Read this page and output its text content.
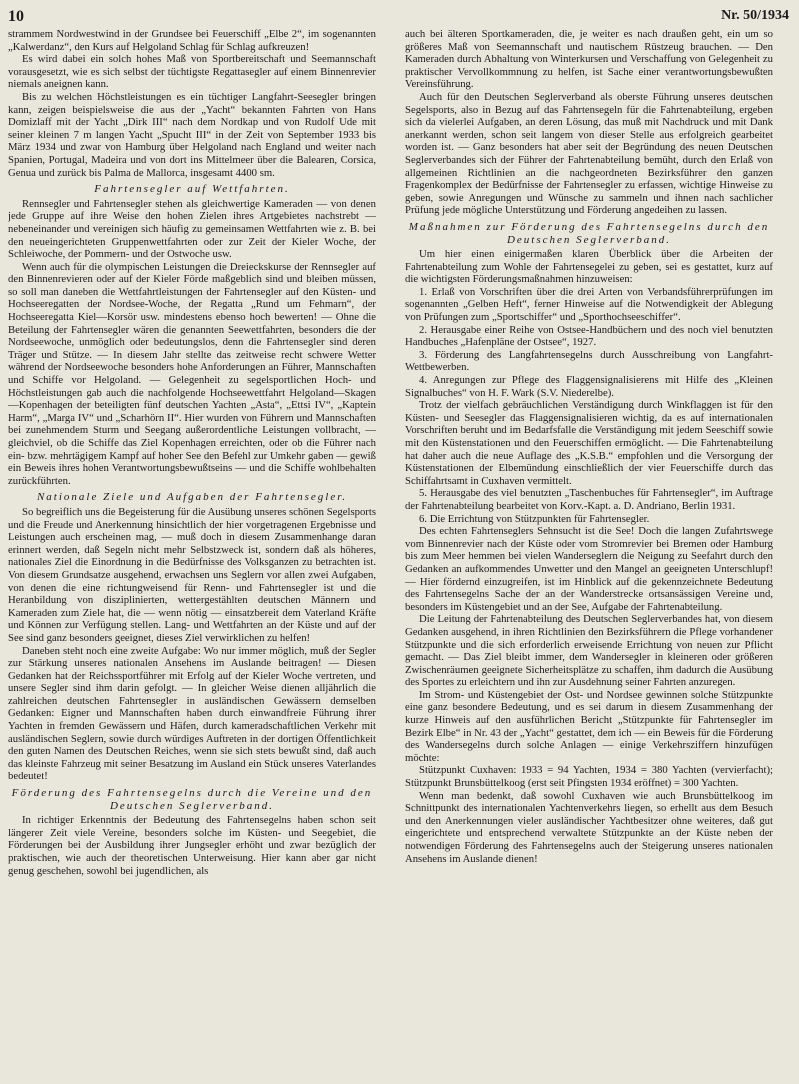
10	Nr. 50/1934

strammem Nordwestwind in der Grundsee bei Feuerschiff „Elbe 2“, im sogenannten „Kalwerdanz“, den Kurs auf Helgoland Schlag für Schlag aufkreuzen!

Es wird dabei ein solch hohes Maß von Sportbereitschaft und Seemannschaft vorausgesetzt, wie es sich selbst der tüchtigste Regattasegler auf einem Binnenrevier niemals aneignen kann.

Bis zu welchen Höchstleistungen es ein tüchtiger Langfahrt-Seesegler bringen kann, zeigen beispielsweise die aus der „Yacht“ bekannten Fahrten von Hans Domizlaff mit der Yacht „Dirk III“ nach dem Nordkap und von Rudolf Ude mit seiner kleinen 7 m langen Yacht „Spucht III“ in der Zeit von September 1933 bis März 1934 und zwar von Hamburg über Helgoland nach England und weiter nach Spanien, Portugal, Madeira und von dort ins Mittelmeer über die Balearen, Corsica, Genua und zurück bis Palma de Mallorca, insgesamt 4400 sm.

Fahrtensegler auf Wettfahrten.

Rennsegler und Fahrtensegler stehen als gleichwertige Kameraden — von denen jede Gruppe auf ihre Weise den hohen Zielen ihres Artgebietes nachstrebt — nebeneinander und vereinigen sich häufig zu gemeinsamen Wettfahrten wie z. B. bei den neueingerichteten Gruppenwettfahrten oder zur Zeit der Kieler Woche, der Schleiwoche, der Pommern- und der Ostwoche usw.

Wenn auch für die olympischen Leistungen die Dreieckskurse der Rennsegler auf den Binnenrevieren oder auf der Kieler Förde maßgeblich sind und bleiben müssen, so soll man daneben die Wettfahrtleistungen der Fahrtensegler auf den Küsten- und Hochseeregatten der Nordsee-Woche, der Regatta „Rund um Fehmarn“, der Hochseeregatta Kiel—Korsör usw. mindestens ebenso hoch bewerten! — Ohne die Beteilung der Fahrtensegler wären die genannten Seewettfahrten, besonders die der Nordseewoche, unmöglich oder bedeutungslos, denn die Fahrtensegler sind deren Träger und Stütze. — In diesem Jahr stellte das zeitweise recht schwere Wetter während der Nordseewoche besonders hohe Anforderungen an Führer, Mannschaften und Schiffe vor Helgoland. — Gelegenheit zu segelsportlichen Hoch- und Höchstleistungen gab auch die nachfolgende Hochseewettfahrt Helgoland—Skagen—Kopenhagen der beteiligten fünf deutschen Yachten „Asta“, „Ettsi IV“, „Kaptein Harm“, „Marga IV“ und „Scharhörn II“. Hier wurden von Führern und Mannschaften bei zunehmendem Sturm und Seegang außerordentliche Leistungen vollbracht, — gleichviel, ob die Schiffe das Ziel Kopenhagen erreichten, oder ob die Führer nach ein- bzw. mehrtägigem Kampf auf hoher See den Befehl zur Umkehr gaben — gewiß ein Beweis ihres hohen Verantwortungsbewußtseins — und die Schiffe wohlbehalten zurückführten.

Nationale Ziele und Aufgaben der Fahrtensegler.

So begreiflich uns die Begeisterung für die Ausübung unseres schönen Segelsports und die Freude und Anerkennung hinsichtlich der hier vorgetragenen Ergebnisse und Leistungen auch erscheinen mag, — muß doch in diesem Zusammenhange daran erinnert werden, daß Segeln nicht mehr Selbstzweck ist, sondern daß als höheres, nationales Ziel die Einordnung in die Bedürfnisse des Volksganzen zu betrachten ist. Von diesem Grundsatze ausgehend, erwachsen uns Seglern vor allen zwei Aufgaben, von denen die eine richtungweisend für Renn- und Fahrtensegler ist und die Heranbildung von disziplinierten, wettergestählten deutschen Männern und Kameraden zum Ziele hat, die — wenn nötig — einsatzbereit dem Vaterland Kräfte und Können zur Verfügung stellen. Lang- und Wettfahrten an der Küste und auf der See sind ganz besonders geeignet, dieses Ziel verwirklichen zu helfen!

Daneben steht noch eine zweite Aufgabe: Wo nur immer möglich, muß der Segler zur Stärkung unseres nationalen Ansehens im Auslande beitragen! — Diesen Gedanken hat der Reichssportführer mit Erfolg auf der Kieler Woche vertreten, und unsere Segler sind ihm darin gefolgt. — In gleicher Weise dienen alljährlich die zahlreichen deutschen Fahrtensegler in ausländischen Gewässern demselben Gedanken: Eigner und Mannschaften haben durch einwandfreie Führung ihrer Yachten in fremden Gewässern und Häfen, durch kameradschaftlichen Verkehr mit ausländischen Seglern, sowie durch würdiges Auftreten in der dortigen Öffentlichkeit den guten Namen des Deutschen Reiches, wenn sie sich stets bewußt sind, daß auch das kleinste Fahrzeug mit seiner Besatzung im Ausland ein Stück unseres Vaterlandes bedeutet!

Förderung des Fahrtensegelns durch die Vereine und den Deutschen Seglerverband.

In richtiger Erkenntnis der Bedeutung des Fahrtensegelns haben schon seit längerer Zeit viele Vereine, besonders solche im Küsten- und Seegebiet, die Förderungen bei der Ausbildung ihrer Jungsegler erhöht und zwar bezüglich der praktischen, wie auch der theoretischen Unterweisung. Hier kann aber gar nicht genug geschehen, sowohl bei jugendlichen, als

auch bei älteren Sportkameraden, die, je weiter es nach draußen geht, ein um so größeres Maß von Seemannschaft und nautischem Rüstzeug brauchen. — Den Kameraden durch Abhaltung von Winterkursen und Verschaffung von Gelegenheit zu praktischer Vervollkommnung zu helfen, ist Sache einer verantwortungsbewußten Vereinsführung.

Auch für den Deutschen Seglerverband als oberste Führung unseres deutschen Segelsports, also in Bezug auf das Fahrtensegeln für die Fahrtenabteilung, ergeben sich da vielerlei Aufgaben, an deren Lösung, das muß mit Nachdruck und mit Dank anerkannt werden, schon seit langem von dieser Stelle aus erfolgreich gearbeitet worden ist. — Ganz besonders hat aber seit der Begründung des neuen Deutschen Seglerverbandes sich der Führer der Fahrtenabteilung bemüht, durch den Erlaß von allgemeinen Richtlinien an die nachgeordneten Bezirksführer den ganzen Fragenkomplex der Bedürfnisse der Fahrtensegler zu erfassen, wichtige Hinweise zu geben, sowie Anregungen und Wünsche zu sammeln und ihnen nach sachlicher Prüfung jede mögliche Unterstützung und Förderung angedeihen zu lassen.

Maßnahmen zur Förderung des Fahrtensegelns durch den Deutschen Seglerverband.

Um hier einen einigermaßen klaren Überblick über die Arbeiten der Fahrtenabteilung zum Wohle der Fahrtensegelei zu geben, sei es gestattet, kurz auf die wichtigsten Förderungsmaßnahmen hinzuweisen:

1. Erlaß von Vorschriften über die drei Arten von Verbandsführerprüfungen im sogenannten „Gelben Heft“, ferner Hinweise auf die Notwendigkeit der Ablegung von Prüfungen zum „Sportschiffer“ und „Sporthochseeschiffer“.

2. Herausgabe einer Reihe von Ostsee-Handbüchern und des noch viel benutzten Handbuches „Hafenpläne der Ostsee“, 1927.

3. Förderung des Langfahrtensegelns durch Ausschreibung von Langfahrt-Wettbewerben.

4. Anregungen zur Pflege des Flaggensignalisierens mit Hilfe des „Kleinen Signalbuches“ von H. F. Wark (S.V. Niederelbe).

Trotz der vielfach gebräuchlichen Verständigung durch Winkflaggen ist für den Küsten- und Seesegler das Flaggensignalisieren wichtig, da es auf internationalen Vorschriften beruht und im Bedarfsfalle die Verständigung mit jedem Seeschiff sowie mit den Küstenstationen und den Feuerschiffen ermöglicht. — Die Fahrtenabteilung hat daher auch die neue Auflage des „K.S.B.“ empfohlen und die Versorgung der Küstenstationen der Elbemündung einschließlich der vier Feuerschiffe durch das Schiffahrtsamt in Cuxhaven vermittelt.

5. Herausgabe des viel benutzten „Taschenbuches für Fahrtensegler“, im Auftrage der Fahrtenabteilung bearbeitet von Korv.-Kapt. a. D. Andriano, Berlin 1931.

6. Die Errichtung von Stützpunkten für Fahrtensegler.

Des echten Fahrtenseglers Sehnsucht ist die See! Doch die langen Zufahrtswege vom Binnenrevier nach der Küste oder vom Stromrevier bei Bremen oder Hamburg bis zum Meer hemmen bei vielen Wanderseglern die Neigung zu Seefahrt durch den Gedanken an aufkommendes Unwetter und den Mangel an geeigneten Unterschlupf! — Hier fördernd einzugreifen, ist im Hinblick auf die gekennzeichnete Bedeutung des Fahrtensegelns Sache der an der Wanderstrecke ortsansässigen Vereine und, besonders im Küstengebiet und an der See, Aufgabe der Fahrtenabteilung.

Die Leitung der Fahrtenabteilung des Deutschen Seglerverbandes hat, von diesem Gedanken ausgehend, in ihren Richtlinien den Bezirksführern die Pflege vorhandener Stützpunkte und die sich erforderlich erweisende Errichtung von neuen zur Pflicht gemacht. — Das Ziel bleibt immer, dem Wandersegler in kleineren oder größeren Zwischenräumen geeignete Sicherheitsplätze zu schaffen, ihm dadurch die Ausübung des Sportes zu erleichtern und ihn zur Ausdehnung seiner Fahrten anzuregen.

Im Strom- und Küstengebiet der Ost- und Nordsee gewinnen solche Stützpunkte eine ganz besondere Bedeutung, und es sei darum in diesem Zusammenhang der kurze Hinweis auf den ausführlichen Bericht „Stützpunkte für Fahrtensegler im Bezirk Elbe“ in Nr. 43 der „Yacht“ gestattet, dem ich — ein Beweis für die Förderung des Wandersegelns durch solche Anlagen — einige Verkehrsziffern hinzufügen möchte:

Stützpunkt Cuxhaven: 1933 = 94 Yachten, 1934 = 380 Yachten (vervierfacht); Stützpunkt Brunsbüttelkoog (erst seit Pfingsten 1934 eröffnet) = 300 Yachten.

Wenn man bedenkt, daß sowohl Cuxhaven wie auch Brunsbüttelkoog im Schnittpunkt des internationalen Yachtenverkehrs liegen, so erhellt aus dem Besuch und den Anerkennungen vieler ausländischer Yachtbesitzer ohne weiteres, daß gut eingerichtete und entsprechend verwaltete Stützpunkte an der Küste neben der notwendigen Förderung des Fahrtensegelns auch der Steigerung unseres nationalen Ansehens im Auslande dienen!
